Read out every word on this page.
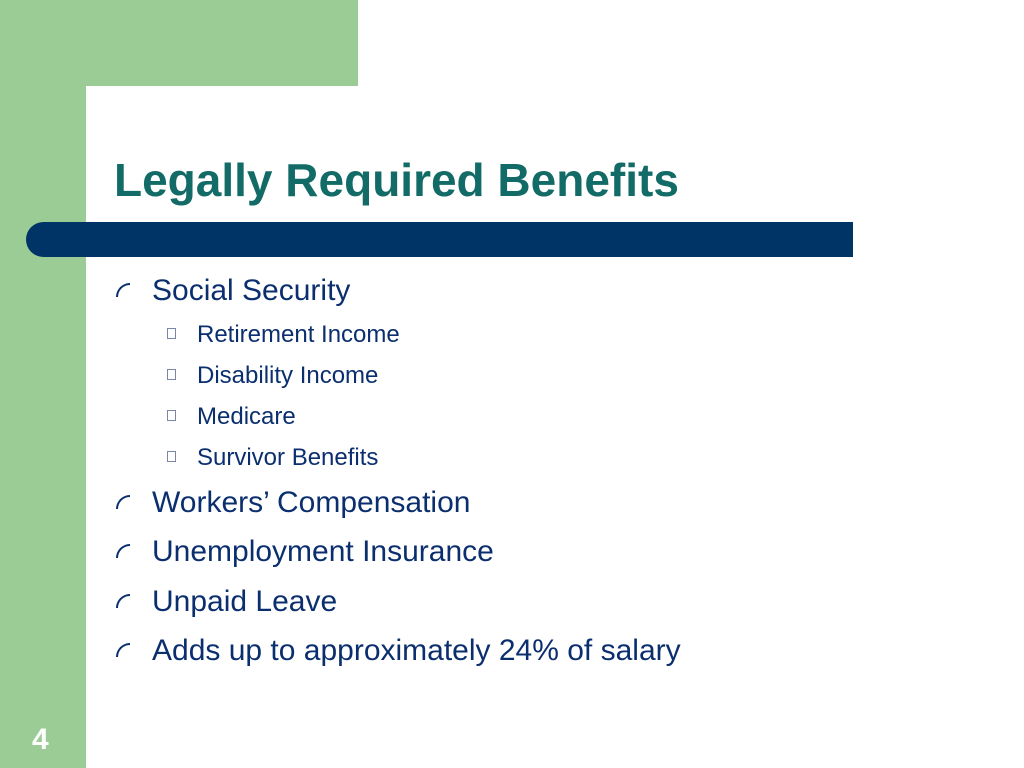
Legally Required Benefits
Social Security
Retirement Income
Disability Income
Medicare
Survivor Benefits
Workers’ Compensation
Unemployment Insurance
Unpaid Leave
Adds up to approximately 24% of salary
4
